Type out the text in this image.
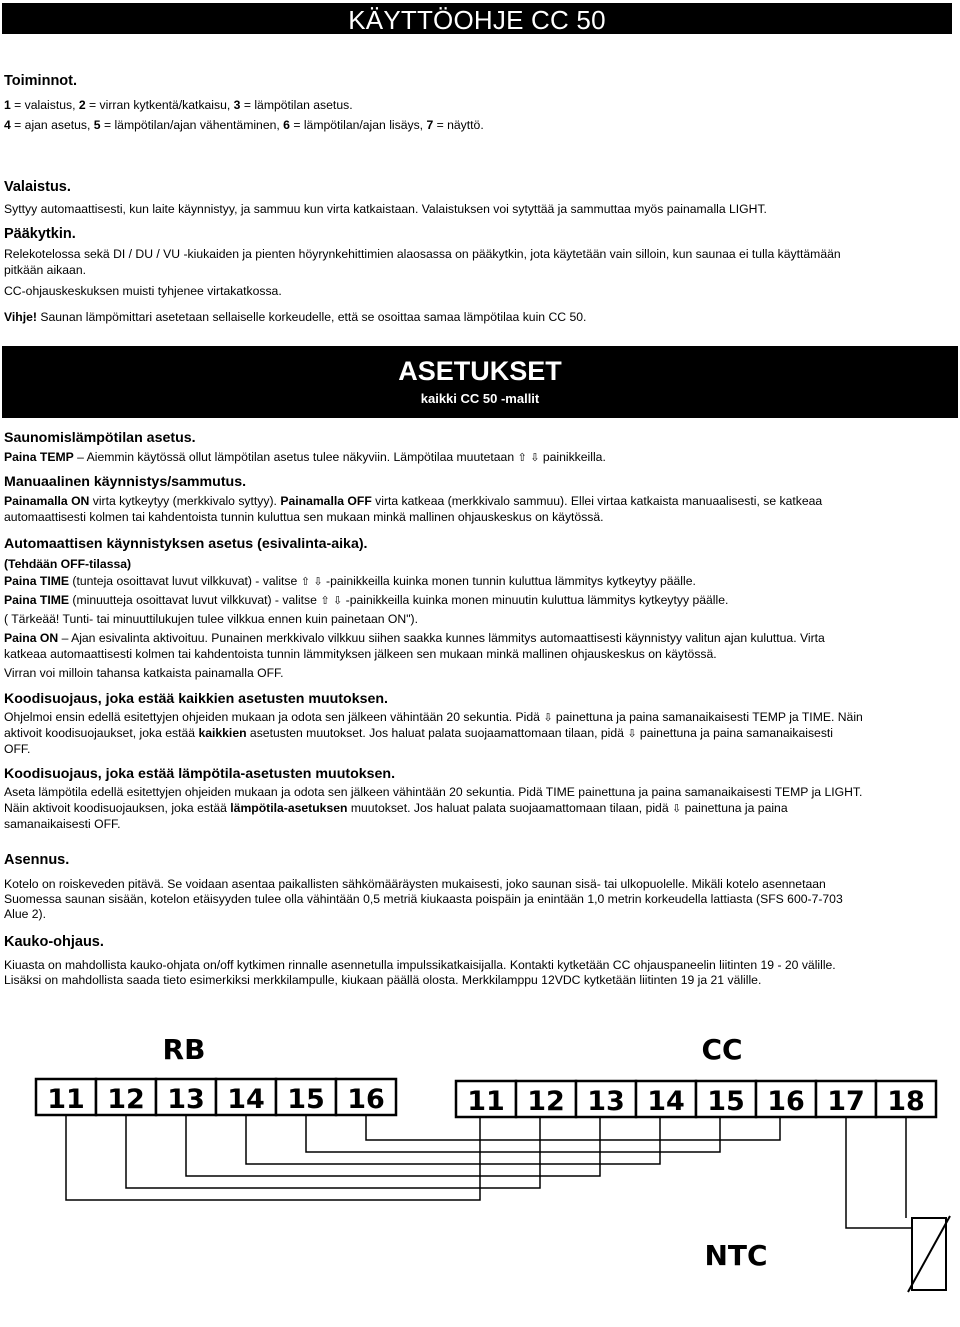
KÄYTTÖOHJE CC 50
Toiminnot.
1 = valaistus, 2 = virran kytkentä/katkaisu, 3 = lämpötilan asetus.
4 = ajan asetus, 5 = lämpötilan/ajan vähentäminen, 6 = lämpötilan/ajan lisäys, 7 = näyttö.
Valaistus.
Syttyy automaattisesti, kun laite käynnistyy, ja sammuu kun virta katkaistaan. Valaistuksen voi sytyttää ja sammuttaa myös painamalla LIGHT.
Pääkytkin.
Relekotelossa sekä DI / DU / VU -kiukaiden ja pienten höyrynkehittimien alaosassa on pääkytkin, jota käytetään vain silloin, kun saunaa ei tulla käyttämään
pitkään aikaan.
CC-ohjauskeskuksen muisti tyhjenee virtakatkossa.
Vihje! Saunan lämpömittari asetetaan sellaiselle korkeudelle, että se osoittaa samaa lämpötilaa kuin CC 50.
ASETUKSET
kaikki CC 50 -mallit
Saunomislämpötilan asetus.
Paina TEMP – Aiemmin käytössä ollut lämpötilan asetus tulee näkyviin. Lämpötilaa muutetaan ⇧ ⇩ painikkeilla.
Manuaalinen käynnistys/sammutus.
Painamalla ON virta kytkeytyy (merkkivalo syttyy). Painamalla OFF virta katkeaa (merkkivalo sammuu). Ellei virtaa katkaista manuaalisesti, se katkeaa
automaattisesti kolmen tai kahdentoista tunnin kuluttua sen mukaan minkä mallinen ohjauskeskus on käytössä.
Automaattisen käynnistyksen asetus (esivalinta-aika).
(Tehdään OFF-tilassa)
Paina TIME (tunteja osoittavat luvut vilkkuvat) - valitse ⇧ ⇩ -painikkeilla kuinka monen tunnin kuluttua lämmitys kytkeytyy päälle.
Paina TIME (minuutteja osoittavat luvut vilkkuvat) - valitse ⇧ ⇩ -painikkeilla kuinka monen minuutin kuluttua lämmitys kytkeytyy päälle.
( Tärkeää! Tunti- tai minuuttilukujen tulee vilkkua ennen kuin painetaan ON").
Paina ON – Ajan esivalinta aktivoituu. Punainen merkkivalo vilkkuu siihen saakka kunnes lämmitys automaattisesti käynnistyy valitun ajan kuluttua. Virta
katkeaa automaattisesti kolmen tai kahdentoista tunnin lämmityksen jälkeen sen mukaan minkä mallinen ohjauskeskus on käytössä.
Virran voi milloin tahansa katkaista painamalla OFF.
Koodisuojaus, joka estää kaikkien asetusten muutoksen.
Ohjelmoi ensin edellä esitettyjen ohjeiden mukaan ja odota sen jälkeen vähintään 20 sekuntia. Pidä ⇩ painettuna ja paina samanaikaisesti TEMP ja TIME. Näin
aktivoit koodisuojaukset, joka estää kaikkien asetusten muutokset. Jos haluat palata suojaamattomaan tilaan, pidä ⇩ painettuna ja paina samanaikaisesti
OFF.
Koodisuojaus, joka estää lämpötila-asetusten muutoksen.
Aseta lämpötila edellä esitettyjen ohjeiden mukaan ja odota sen jälkeen vähintään 20 sekuntia. Pidä TIME painettuna ja paina samanaikaisesti TEMP ja LIGHT.
Näin aktivoit koodisuojauksen, joka estää lämpötila-asetuksen muutokset. Jos haluat palata suojaamattomaan tilaan, pidä ⇩ painettuna ja paina
samanaikaisesti OFF.
Asennus.
Kotelo on roiskeveden pitävä. Se voidaan asentaa paikallisten sähkömääräysten mukaisesti, joko saunan sisä- tai ulkopuolelle. Mikäli kotelo asennetaan
Suomessa saunan sisään, kotelon etäisyyden tulee olla vähintään 0,5 metriä kiukaasta poispäin ja enintään 1,0 metrin korkeudella lattiasta (SFS 600-7-703
Alue 2).
Kauko-ohjaus.
Kiuasta on mahdollista kauko-ohjata on/off kytkimen rinnalle asennetulla impulssikatkaisijalla. Kontakti kytketään CC ohjauspaneelin liitinten 19 - 20 välille.
Lisäksi on mahdollista saada tieto esimerkiksi merkkilampulle, kiukaan päällä olosta. Merkkilamppu 12VDC kytketään liitinten 19 ja 21 välille.
RB	CC
11 12 13 14 15 16	11 12 13 14 15 16 17 18
NTC
